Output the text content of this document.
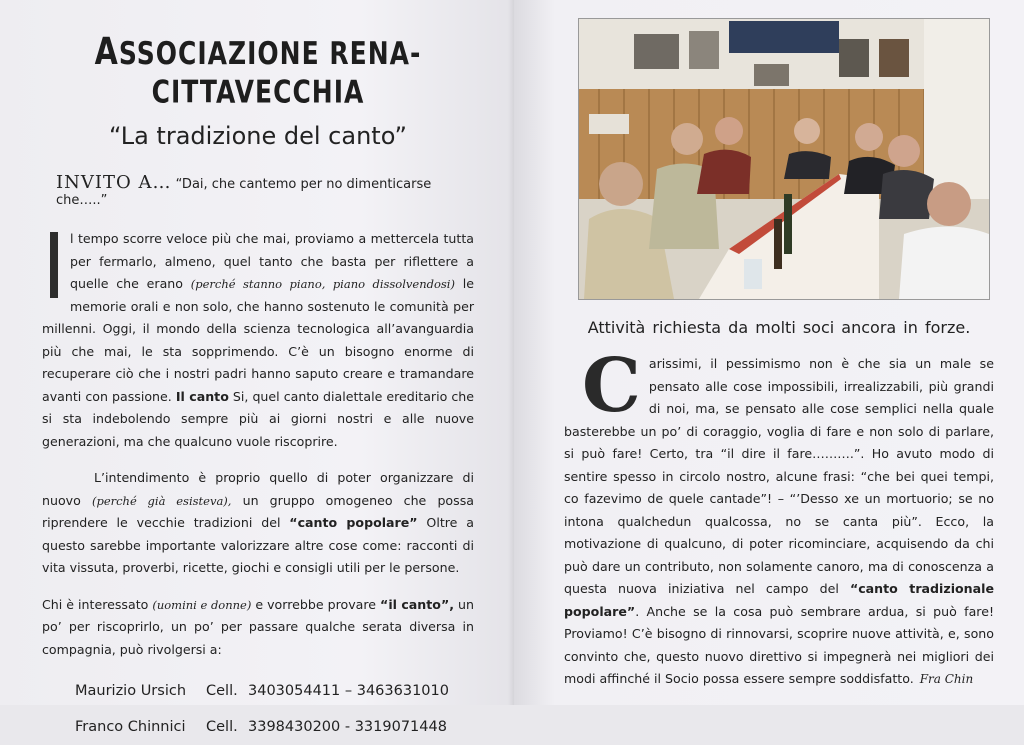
ASSOCIAZIONE RENA-CITTAVECCHIA
“La tradizione del canto”
INVITO A… “Dai, che cantemo per no dimenticarse che…..”

l tempo scorre veloce più che mai, proviamo a mettercela tutta per fermarlo, almeno, quel tanto che basta per riflettere a quelle che erano (perché stanno piano, piano dissolvendosi) le memorie orali e non solo, che hanno sostenuto le comunità per millenni. Oggi, il mondo della scienza tecnologica all’avanguardia più che mai, le sta sopprimendo. C’è un bisogno enorme di recuperare ciò che i nostri padri hanno saputo creare e tramandare avanti con passione. Il canto Si, quel canto dialettale ereditario che si sta indebolendo sempre più ai giorni nostri e alle nuove generazioni, ma che qualcuno vuole riscoprire.

L’intendimento è proprio quello di poter organizzare di nuovo (perché già esisteva), un gruppo omogeneo che possa riprendere le vecchie tradizioni del “canto popolare” Oltre a questo sarebbe importante valorizzare altre cose come: racconti di vita vissuta, proverbi, ricette, giochi e consigli utili per le persone.

Chi è interessato (uomini e donne) e vorrebbe provare “il canto”, un po’ per riscoprirlo, un po’ per passare qualche serata diversa in compagnia, può rivolgersi a:

Maurizio Ursich	Cell. 3403054411 – 3463631010
Franco Chinnici	Cell. 3398430200 - 3319071448
Attività richiesta da molti soci ancora in forze.

Carissimi, il pessimismo non è che sia un male se pensato alle cose impossibili, irrealizzabili, più grandi di noi, ma, se pensato alle cose semplici nella quale basterebbe un po’ di coraggio, voglia di fare e non solo di parlare, si può fare! Certo, tra “il dire il fare……….”. Ho avuto modo di sentire spesso in circolo nostro, alcune frasi: “che bei quei tempi, co fazevimo de quele cantade”! – “’Desso xe un mortuorio; se no intona qualchedun qualcossa, no se canta più”. Ecco, la motivazione di qualcuno, di poter ricominciare, acquisendo da chi può dare un contributo, non solamente canoro, ma di conoscenza a questa nuova iniziativa nel campo del “canto tradizionale popolare”. Anche se la cosa può sembrare ardua, si può fare! Proviamo! C’è bisogno di rinnovarsi, scoprire nuove attività, e, sono convinto che, questo nuovo direttivo si impegnerà nei migliori dei modi affinché il Socio possa essere sempre soddisfatto. Fra Chin
